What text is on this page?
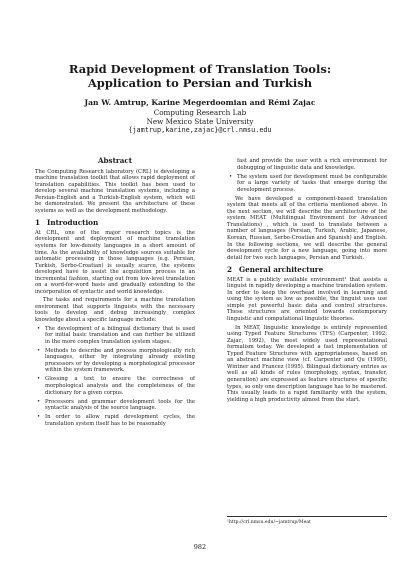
Rapid Development of Translation Tools:
Application to Persian and Turkish
Jan W. Amtrup, Karine Megerdoomian and Rémi Zajac
Computing Research Lab
New Mexico State University
{jamtrup,karine,zajac}@crl.nmsu.edu
Abstract

The Computing Research laboratory (CRL) is developing a machine translation toolkit that allows rapid deployment of translation capabilities. This toolkit has been used to develop several machine translation systems, including a Persian-English and a Turkish-English system, which will be demonstrated. We present the architecture of these systems as well as the development methodology.

1 Introduction

At CRL, one of the major research topics is the development and deployment of machine translation systems for low-density languages in a short amount of time. As the availability of knowledge sources suitable for automatic processing in those languages (e.g. Persian, Turkish, Serbo-Croatian) is usually scarce, the systems developed have to assist the acquisition process in an incremental fashion, starting out from low-level translation on a word-for-word basis and gradually extending to the incorporation of syntactic and world knowledge.

The tasks and requirements for a machine translation environment that supports linguists with the necessary tools to develop and debug increasingly complex knowledge about a specific language include:

• The development of a bilingual dictionary that is used for initial basic translation and can further be utilized in the more complex translation system stages.
• Methods to describe and process morphologically rich languages, either by integrating already existing processors or by developing a morphological processor within the system framework.
• Glossing a text to ensure the correctness of morphological analysis and the completeness of the dictionary for a given corpus.
• Processors and grammar development tools for the syntactic analysis of the source language.
• In order to allow rapid development cycles, the translation system itself has to be reasonably
fast and provide the user with a rich environment for debugging of linguistic data and knowledge.
• The system used for development must be configurable for a large variety of tasks that emerge during the development process.

We have developed a component-based translation system that meets all of the criteria mentioned above. In the next section, we will describe the architecture of the system MEAT (Multilingual Environment for Advanced Translations) , which is used to translate between a number of languages (Persian, Turkish, Arabic, Japanese, Korean, Russian, Serbo-Croatian and Spanish) and English. In the following sections, we will describe the general development cycle for a new language, going into more detail for two such languages, Persian and Turkish.

2 General architecture

MEAT is a publicly available environment¹ that assists a linguist in rapidly developing a machine translation system. In order to keep the overhead involved in learning and using the system as low as possible, the linguist uses use simple yet powerful basic data and control structures. These structures are oriented towards contemporary linguistic and computational linguistic theories.

In MEAT, linguistic knowledge is entirely represented using Typed Feature Structures (TFS) (Carpenter, 1992; Zajac, 1992), the most widely used representational formalism today. We developed a fast implementation of Typed Feature Structures with appropriateness, based on an abstract machine view (cf. Carpenter and Qu (1995), Wintner and Francez (1995). Bilingual dictionary entries as well as all kinds of rules (morphology, syntax, transfer, generation) are expressed as feature structures of specific types, so only one description language has to be mastered. This usually leads to a rapid familiarity with the system, yielding a high productivity almost from the start.

¹http://crl.nmsu.edu/~jamtrup/Meat
982
